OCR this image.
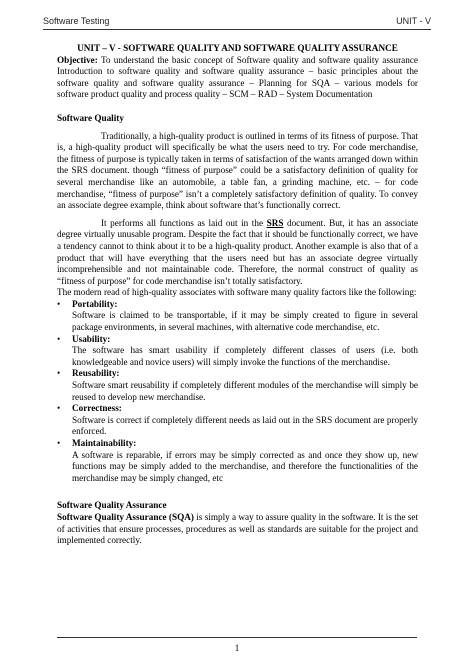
Software Testing	UNIT - V

UNIT – V - SOFTWARE QUALITY AND SOFTWARE QUALITY ASSURANCE

Objective: To understand the basic concept of Software quality and software quality assurance Introduction to software quality and software quality assurance – basic principles about the software quality and software quality assurance – Planning for SQA – various models for software product quality and process quality – SCM – RAD – System Documentation

Software Quality

Traditionally, a high-quality product is outlined in terms of its fitness of purpose. That is, a high-quality product will specifically be what the users need to try. For code merchandise, the fitness of purpose is typically taken in terms of satisfaction of the wants arranged down within the SRS document. though “fitness of purpose” could be a satisfactory definition of quality for several merchandise like an automobile, a table fan, a grinding machine, etc. – for code merchandise, “fitness of purpose” isn’t a completely satisfactory definition of quality. To convey an associate degree example, think about software that’s functionally correct.

It performs all functions as laid out in the SRS document. But, it has an associate degree virtually unusable program. Despite the fact that it should be functionally correct, we have a tendency cannot to think about it to be a high-quality product. Another example is also that of a product that will have everything that the users need but has an associate degree virtually incomprehensible and not maintainable code. Therefore, the normal construct of quality as “fitness of purpose” for code merchandise isn’t totally satisfactory.

The modern read of high-quality associates with software many quality factors like the following:

• Portability:
Software is claimed to be transportable, if it may be simply created to figure in several package environments, in several machines, with alternative code merchandise, etc.
• Usability:
The software has smart usability if completely different classes of users (i.e. both knowledgeable and novice users) will simply invoke the functions of the merchandise.
• Reusability:
Software smart reusability if completely different modules of the merchandise will simply be reused to develop new merchandise.
• Correctness:
Software is correct if completely different needs as laid out in the SRS document are properly enforced.
• Maintainability:
A software is reparable, if errors may be simply corrected as and once they show up, new functions may be simply added to the merchandise, and therefore the functionalities of the merchandise may be simply changed, etc

Software Quality Assurance

Software Quality Assurance (SQA) is simply a way to assure quality in the software. It is the set of activities that ensure processes, procedures as well as standards are suitable for the project and implemented correctly.

1
